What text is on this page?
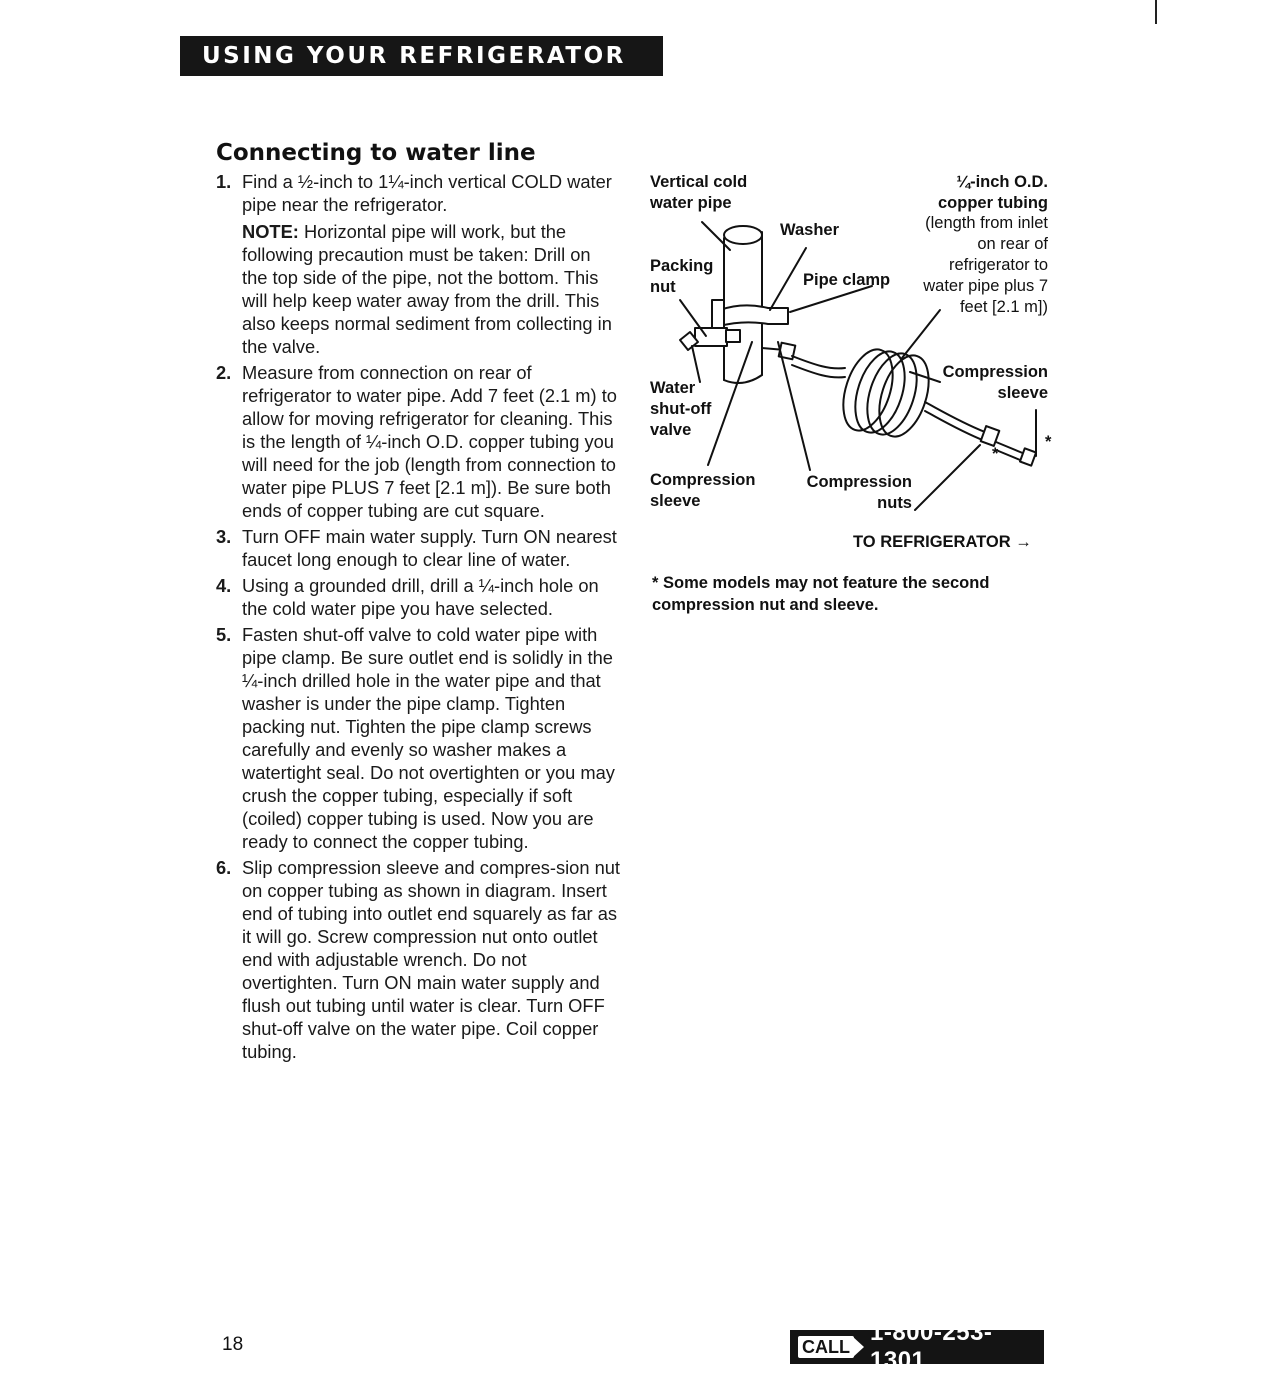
USING YOUR REFRIGERATOR
Connecting to water line
1. Find a ½-inch to 1¼-inch vertical COLD water pipe near the refrigerator.
NOTE: Horizontal pipe will work, but the following precaution must be taken: Drill on the top side of the pipe, not the bottom. This will help keep water away from the drill. This also keeps normal sediment from collecting in the valve.
2. Measure from connection on rear of refrigerator to water pipe. Add 7 feet (2.1 m) to allow for moving refrigerator for cleaning. This is the length of ¼-inch O.D. copper tubing you will need for the job (length from connection to water pipe PLUS 7 feet [2.1 m]). Be sure both ends of copper tubing are cut square.
3. Turn OFF main water supply. Turn ON nearest faucet long enough to clear line of water.
4. Using a grounded drill, drill a ¼-inch hole on the cold water pipe you have selected.
5. Fasten shut-off valve to cold water pipe with pipe clamp. Be sure outlet end is solidly in the ¼-inch drilled hole in the water pipe and that washer is under the pipe clamp. Tighten packing nut. Tighten the pipe clamp screws carefully and evenly so washer makes a watertight seal. Do not overtighten or you may crush the copper tubing, especially if soft (coiled) copper tubing is used. Now you are ready to connect the copper tubing.
6. Slip compression sleeve and compres-sion nut on copper tubing as shown in diagram. Insert end of tubing into outlet end squarely as far as it will go. Screw compression nut onto outlet end with adjustable wrench. Do not overtighten. Turn ON main water supply and flush out tubing until water is clear. Turn OFF shut-off valve on the water pipe. Coil copper tubing.
Vertical cold
water pipe
Washer
¼-inch O.D.
copper tubing
(length from inlet
on rear of
refrigerator to
water pipe plus 7
feet [2.1 m])
Packing
nut	Pipe clamp
Compression
sleeve
Water
shut-off
valve
Compression
sleeve
Compression
nuts
*
*
TO REFRIGERATOR →
* Some models may not feature the second compression nut and sleeve.
18	CALL
1-800-253-1301
